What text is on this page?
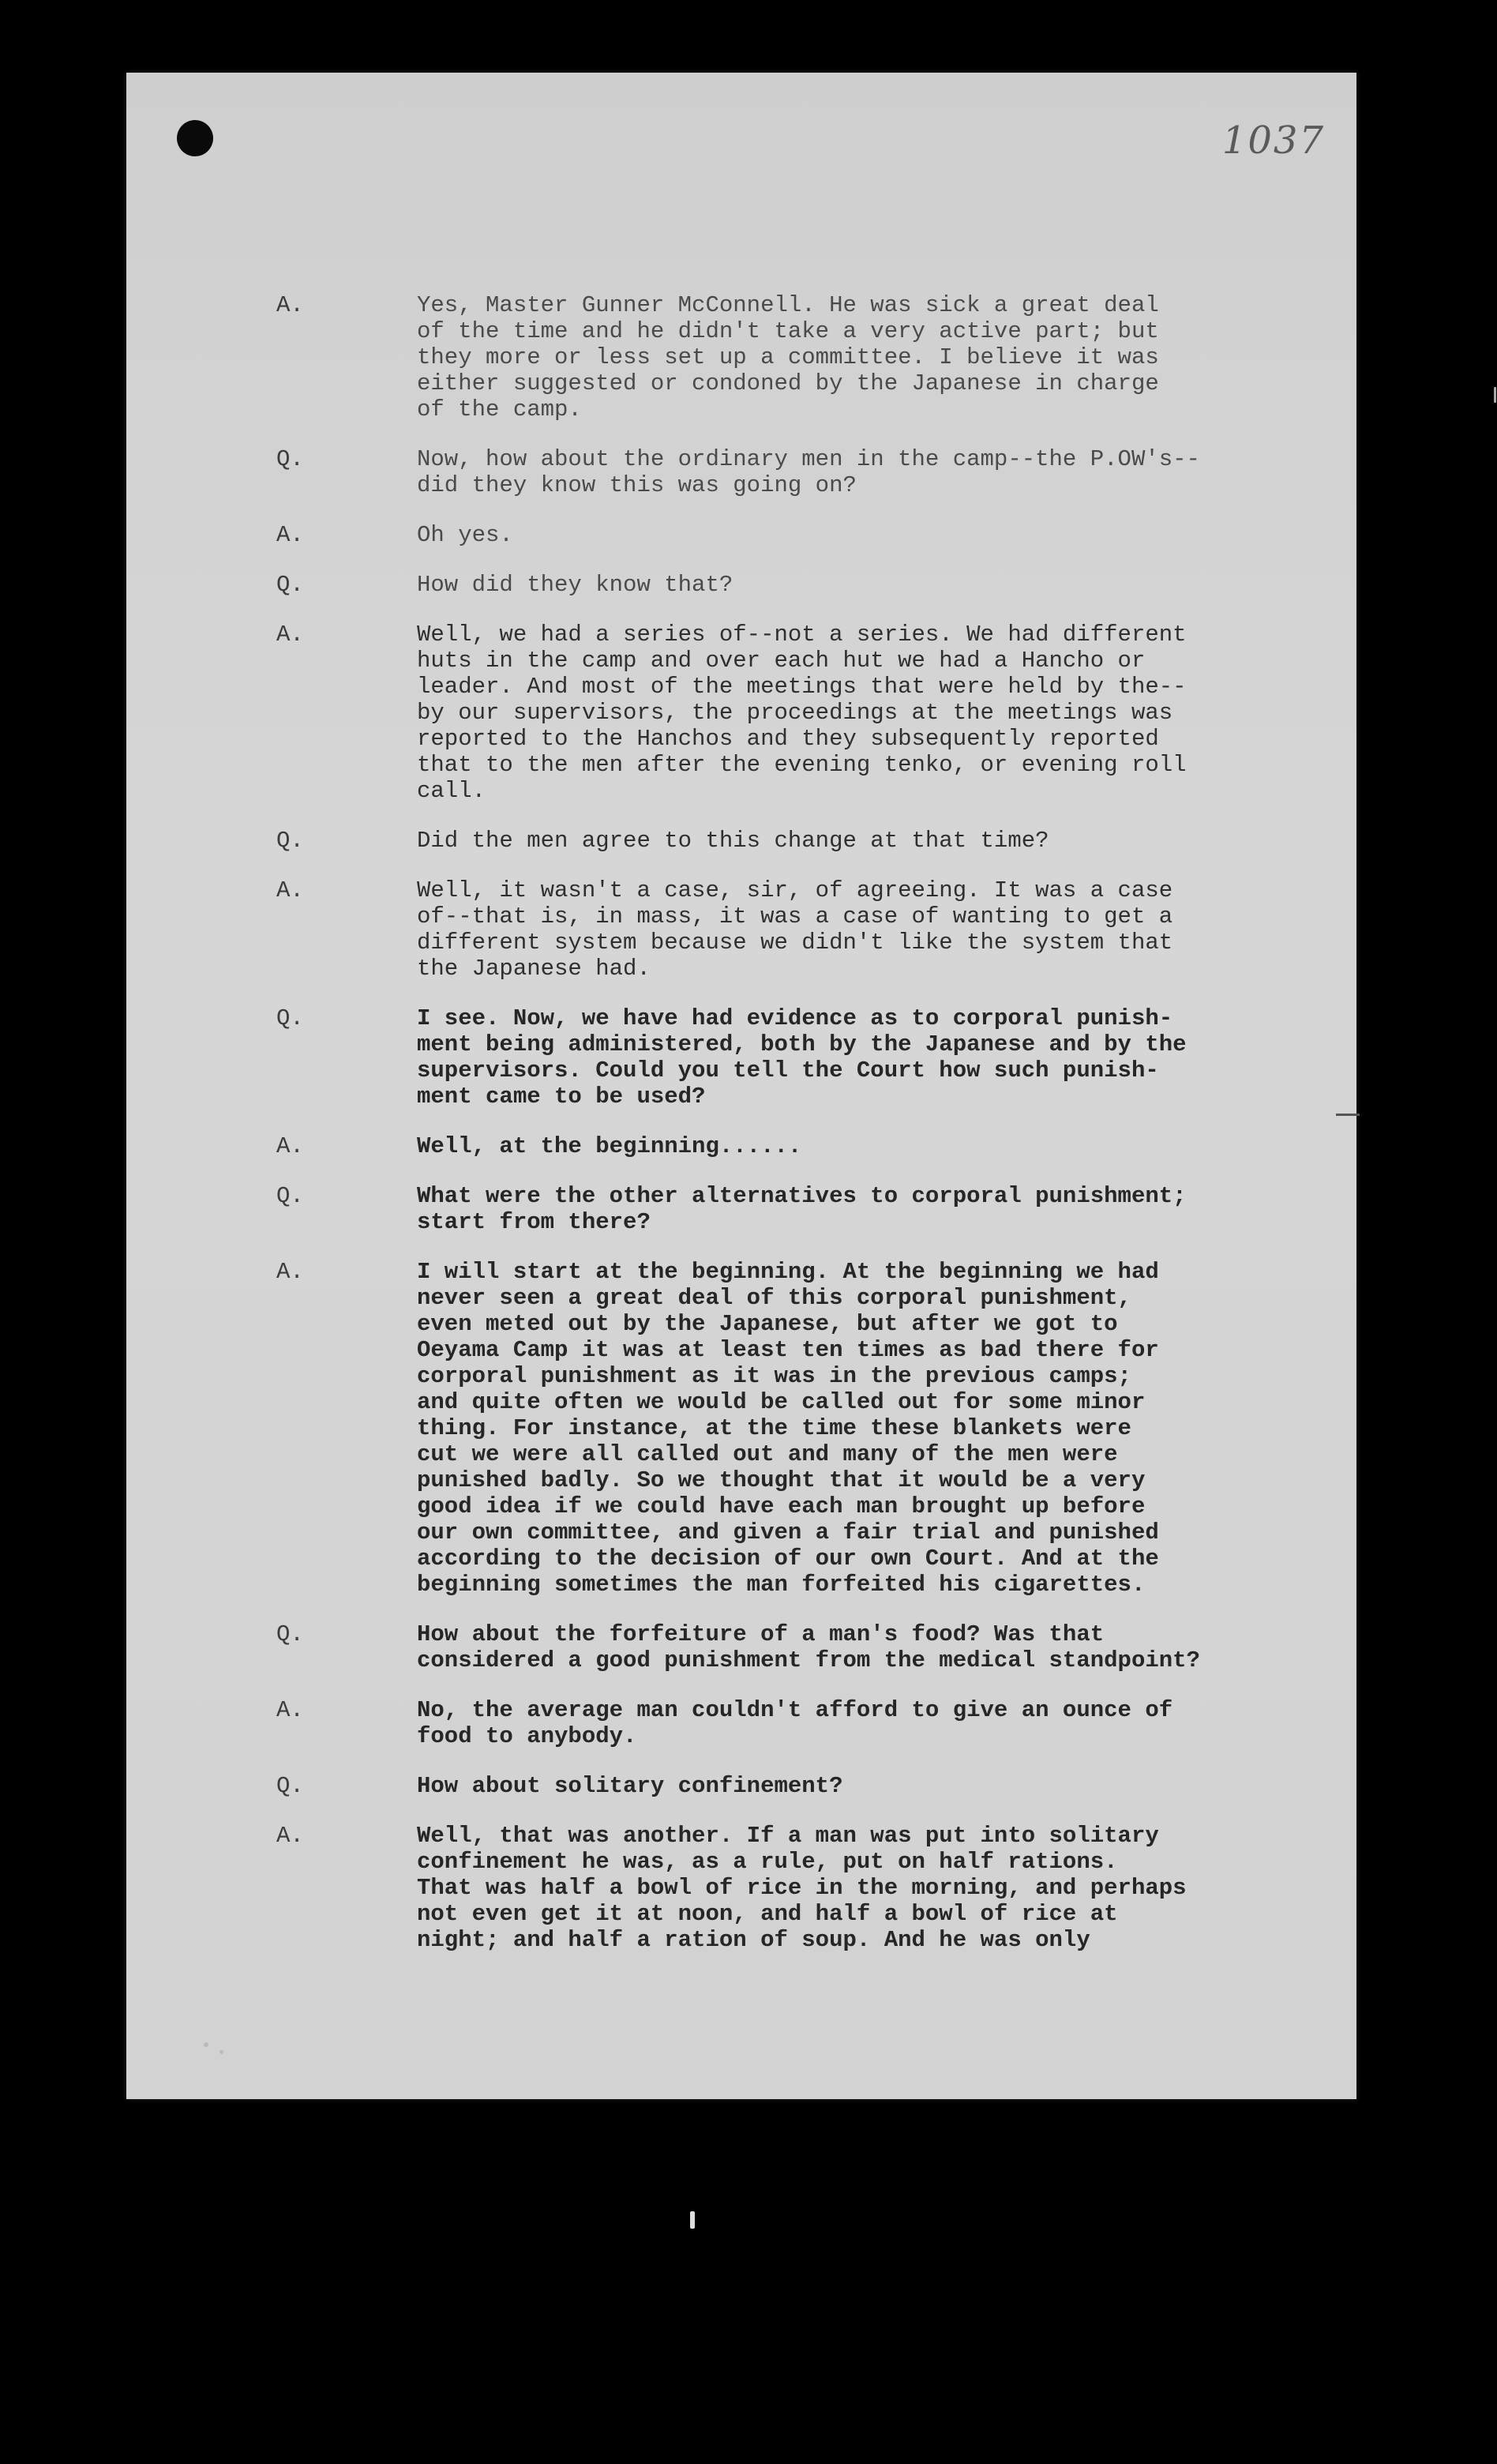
1037
A.	Yes, Master Gunner McConnell. He was sick a great deal
of the time and he didn't take a very active part; but
they more or less set up a committee. I believe it was
either suggested or condoned by the Japanese in charge
of the camp.
Q.	Now, how about the ordinary men in the camp--the P.OW's--
did they know this was going on?
A.	Oh yes.
Q.	How did they know that?
A.	Well, we had a series of--not a series. We had different
huts in the camp and over each hut we had a Hancho or
leader. And most of the meetings that were held by the--
by our supervisors, the proceedings at the meetings was
reported to the Hanchos and they subsequently reported
that to the men after the evening tenko, or evening roll
call.
Q.	Did the men agree to this change at that time?
A.	Well, it wasn't a case, sir, of agreeing. It was a case
of--that is, in mass, it was a case of wanting to get a
different system because we didn't like the system that
the Japanese had.
Q.	I see. Now, we have had evidence as to corporal punish-
ment being administered, both by the Japanese and by the
supervisors. Could you tell the Court how such punish-
ment came to be used?
A.	Well, at the beginning......
Q.	What were the other alternatives to corporal punishment;
start from there?
A.	I will start at the beginning. At the beginning we had
never seen a great deal of this corporal punishment,
even meted out by the Japanese, but after we got to
Oeyama Camp it was at least ten times as bad there for
corporal punishment as it was in the previous camps;
and quite often we would be called out for some minor
thing. For instance, at the time these blankets were
cut we were all called out and many of the men were
punished badly. So we thought that it would be a very
good idea if we could have each man brought up before
our own committee, and given a fair trial and punished
according to the decision of our own Court. And at the
beginning sometimes the man forfeited his cigarettes.
Q.	How about the forfeiture of a man's food? Was that
considered a good punishment from the medical standpoint?
A.	No, the average man couldn't afford to give an ounce of
food to anybody.
Q.	How about solitary confinement?
A.	Well, that was another. If a man was put into solitary
confinement he was, as a rule, put on half rations.
That was half a bowl of rice in the morning, and perhaps
not even get it at noon, and half a bowl of rice at
night; and half a ration of soup. And he was only
